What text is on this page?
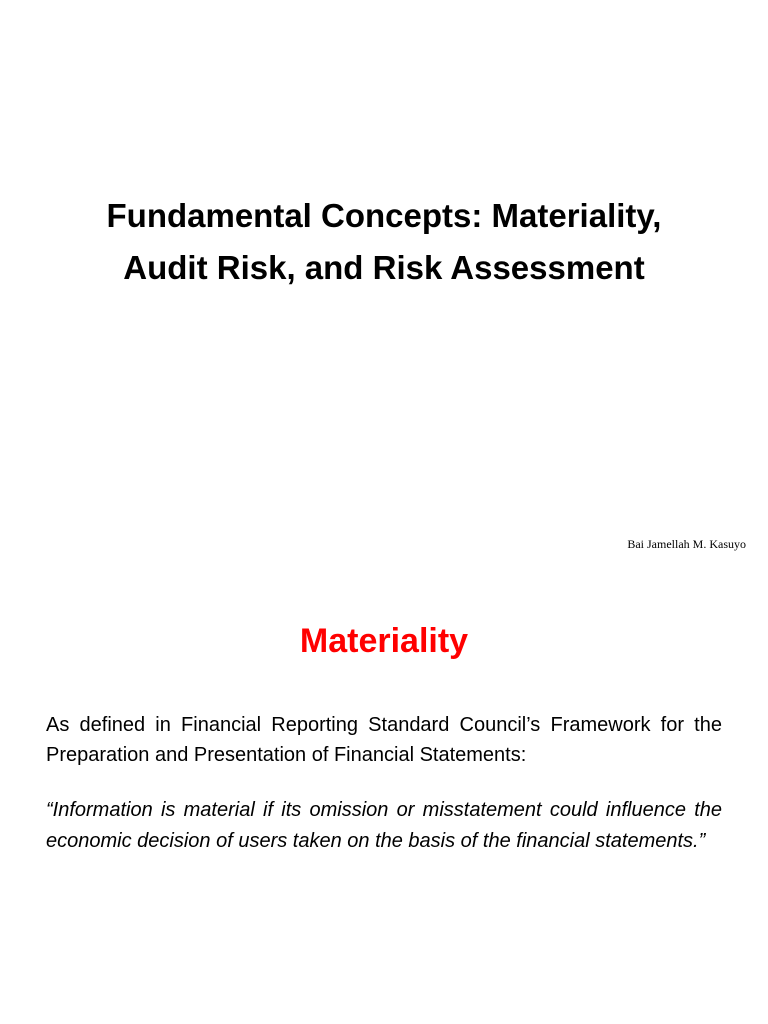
Fundamental Concepts: Materiality,
Audit Risk, and Risk Assessment
Bai Jamellah M. Kasuyo
Materiality
As defined in Financial Reporting Standard Council’s Framework for the Preparation and Presentation of Financial Statements:
“Information is material if its omission or misstatement could influence the economic decision of users taken on the basis of the financial statements.”
